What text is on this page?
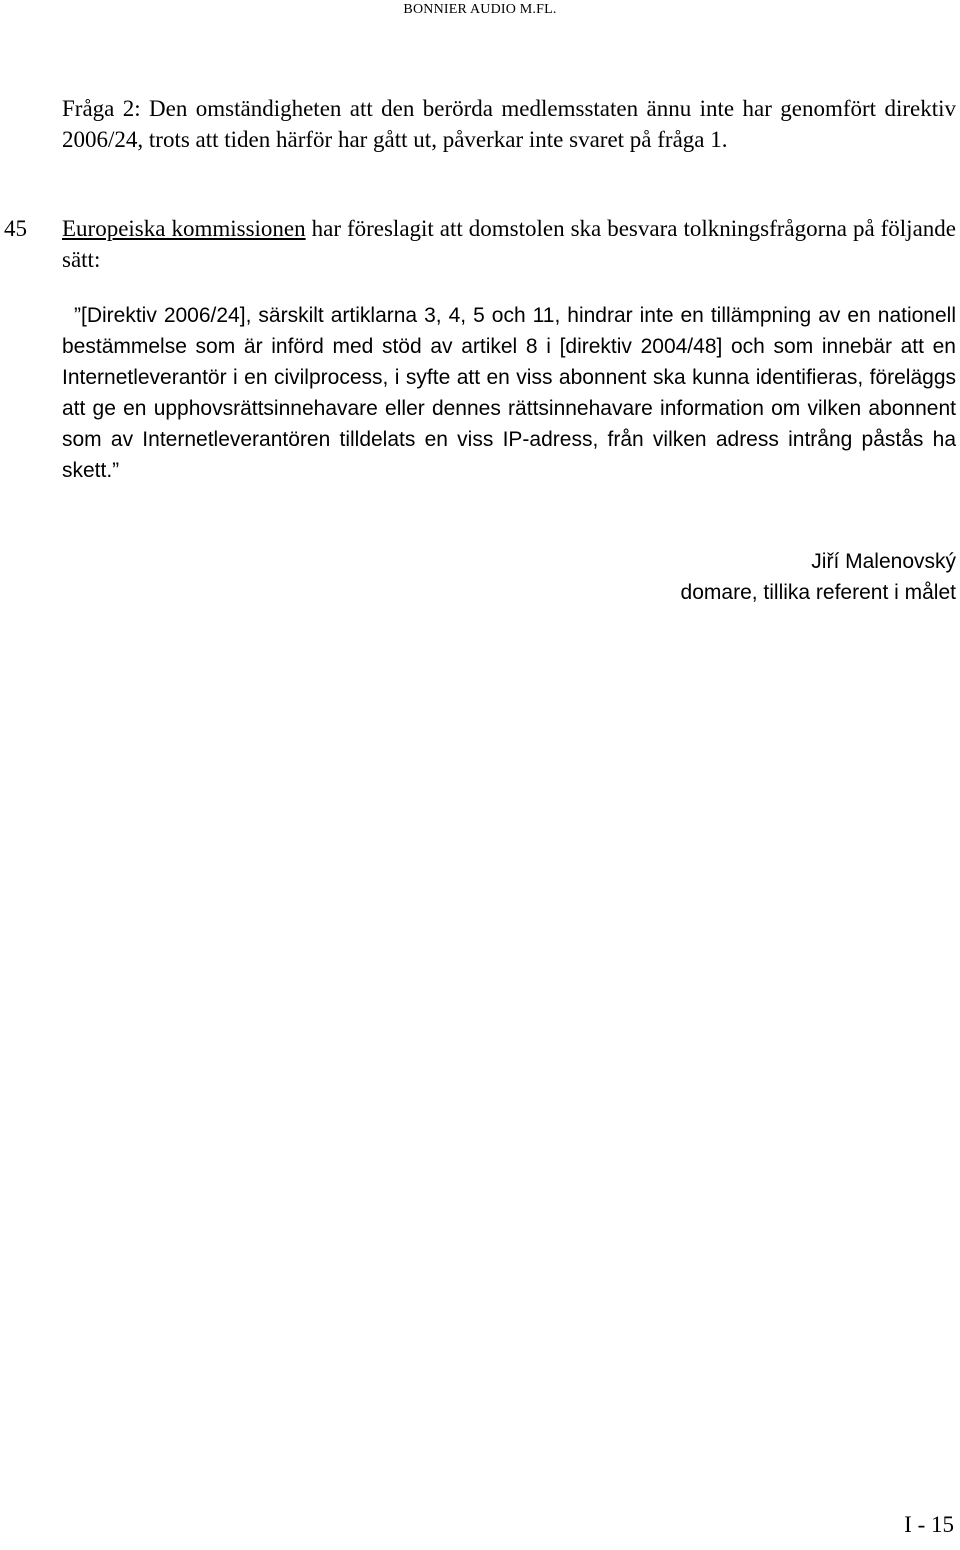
BONNIER AUDIO M.FL.
Fråga 2: Den omständigheten att den berörda medlemsstaten ännu inte har genomfört direktiv 2006/24, trots att tiden härför har gått ut, påverkar inte svaret på fråga 1.
45 Europeiska kommissionen har föreslagit att domstolen ska besvara tolkningsfrågorna på följande sätt:
”[Direktiv 2006/24], särskilt artiklarna 3, 4, 5 och 11, hindrar inte en tillämpning av en nationell bestämmelse som är införd med stöd av artikel 8 i [direktiv 2004/48] och som innebär att en Internetleverantör i en civilprocess, i syfte att en viss abonnent ska kunna identifieras, föreläggs att ge en upphovsrättsinnehavare eller dennes rättsinnehavare information om vilken abonnent som av Internetleverantören tilldelats en viss IP-adress, från vilken adress intrång påstås ha skett.”
Jiří Malenovský
domare, tillika referent i målet
I - 15
